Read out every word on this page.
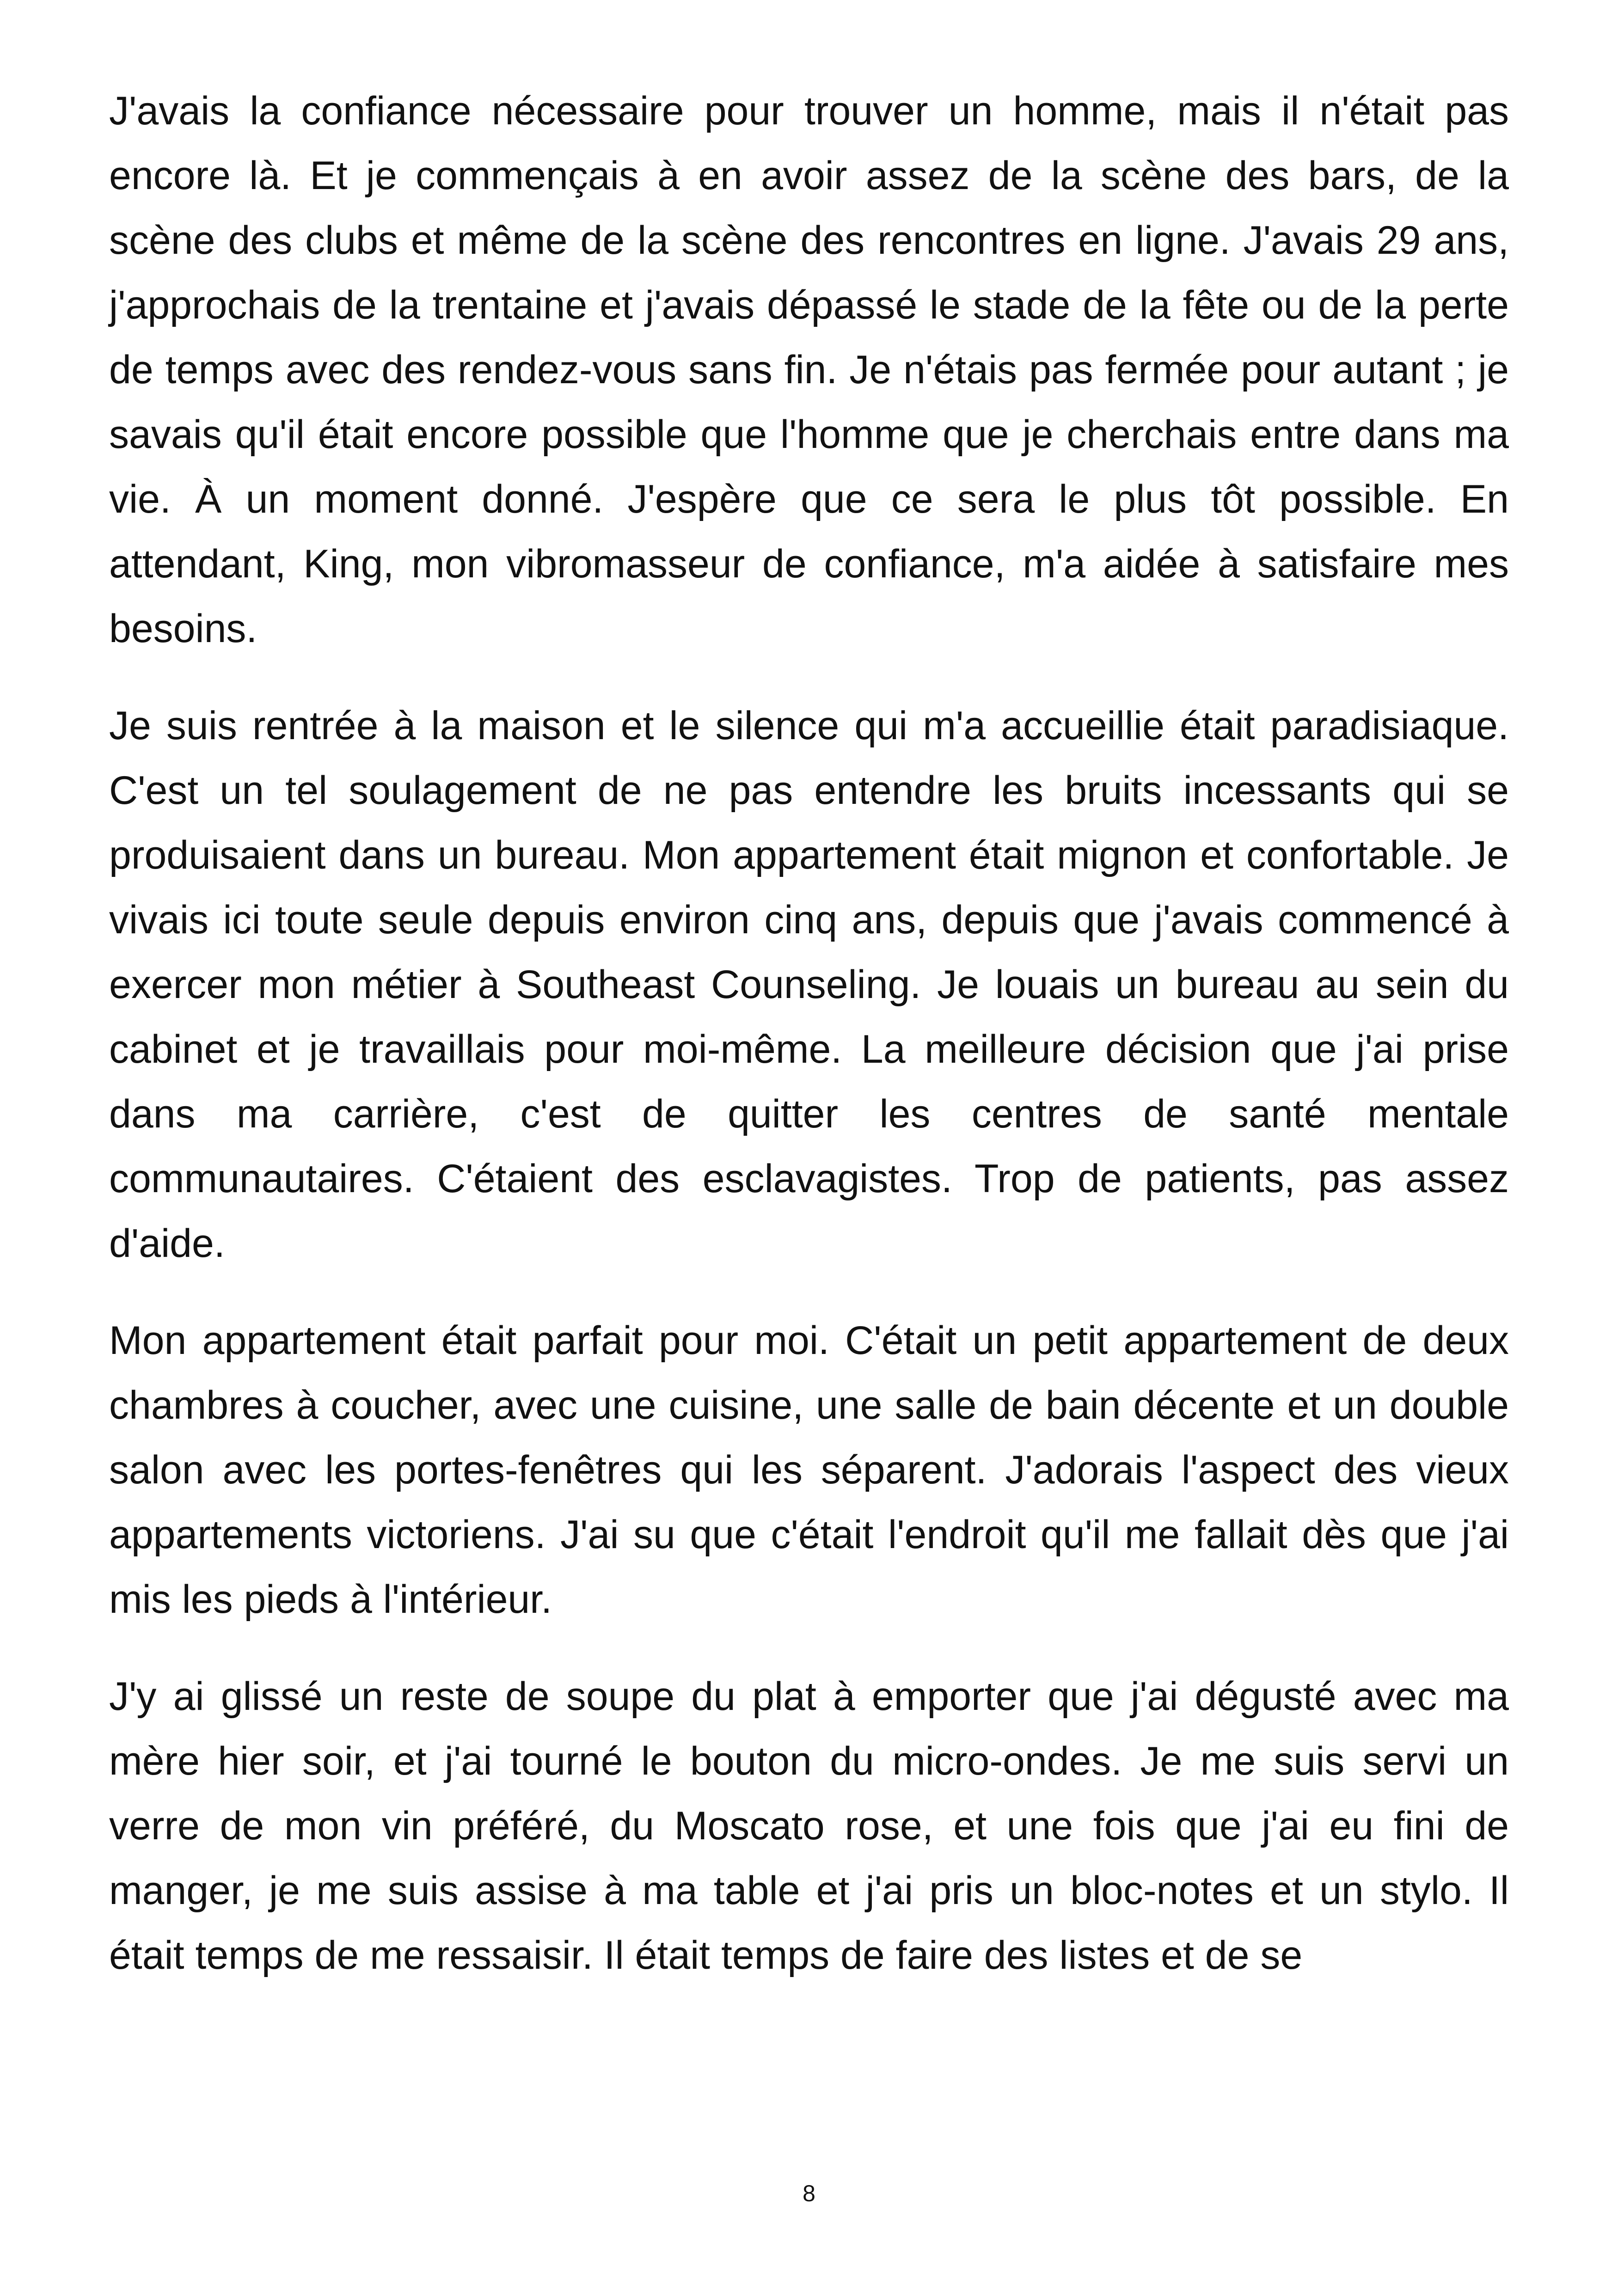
J'avais la confiance nécessaire pour trouver un homme, mais il n'était pas encore là. Et je commençais à en avoir assez de la scène des bars, de la scène des clubs et même de la scène des rencontres en ligne. J'avais 29 ans, j'approchais de la trentaine et j'avais dépassé le stade de la fête ou de la perte de temps avec des rendez-vous sans fin. Je n'étais pas fermée pour autant ; je savais qu'il était encore possible que l'homme que je cherchais entre dans ma vie. À un moment donné. J'espère que ce sera le plus tôt possible. En attendant, King, mon vibromasseur de confiance, m'a aidée à satisfaire mes besoins.

Je suis rentrée à la maison et le silence qui m'a accueillie était paradisiaque. C'est un tel soulagement de ne pas entendre les bruits incessants qui se produisaient dans un bureau. Mon appartement était mignon et confortable. Je vivais ici toute seule depuis environ cinq ans, depuis que j'avais commencé à exercer mon métier à Southeast Counseling. Je louais un bureau au sein du cabinet et je travaillais pour moi-même. La meilleure décision que j'ai prise dans ma carrière, c'est de quitter les centres de santé mentale communautaires. C'étaient des esclavagistes. Trop de patients, pas assez d'aide.

Mon appartement était parfait pour moi. C'était un petit appartement de deux chambres à coucher, avec une cuisine, une salle de bain décente et un double salon avec les portes-fenêtres qui les séparent. J'adorais l'aspect des vieux appartements victoriens. J'ai su que c'était l'endroit qu'il me fallait dès que j'ai mis les pieds à l'intérieur.

J'y ai glissé un reste de soupe du plat à emporter que j'ai dégusté avec ma mère hier soir, et j'ai tourné le bouton du micro-ondes. Je me suis servi un verre de mon vin préféré, du Moscato rose, et une fois que j'ai eu fini de manger, je me suis assise à ma table et j'ai pris un bloc-notes et un stylo. Il était temps de me ressaisir. Il était temps de faire des listes et de se

8
